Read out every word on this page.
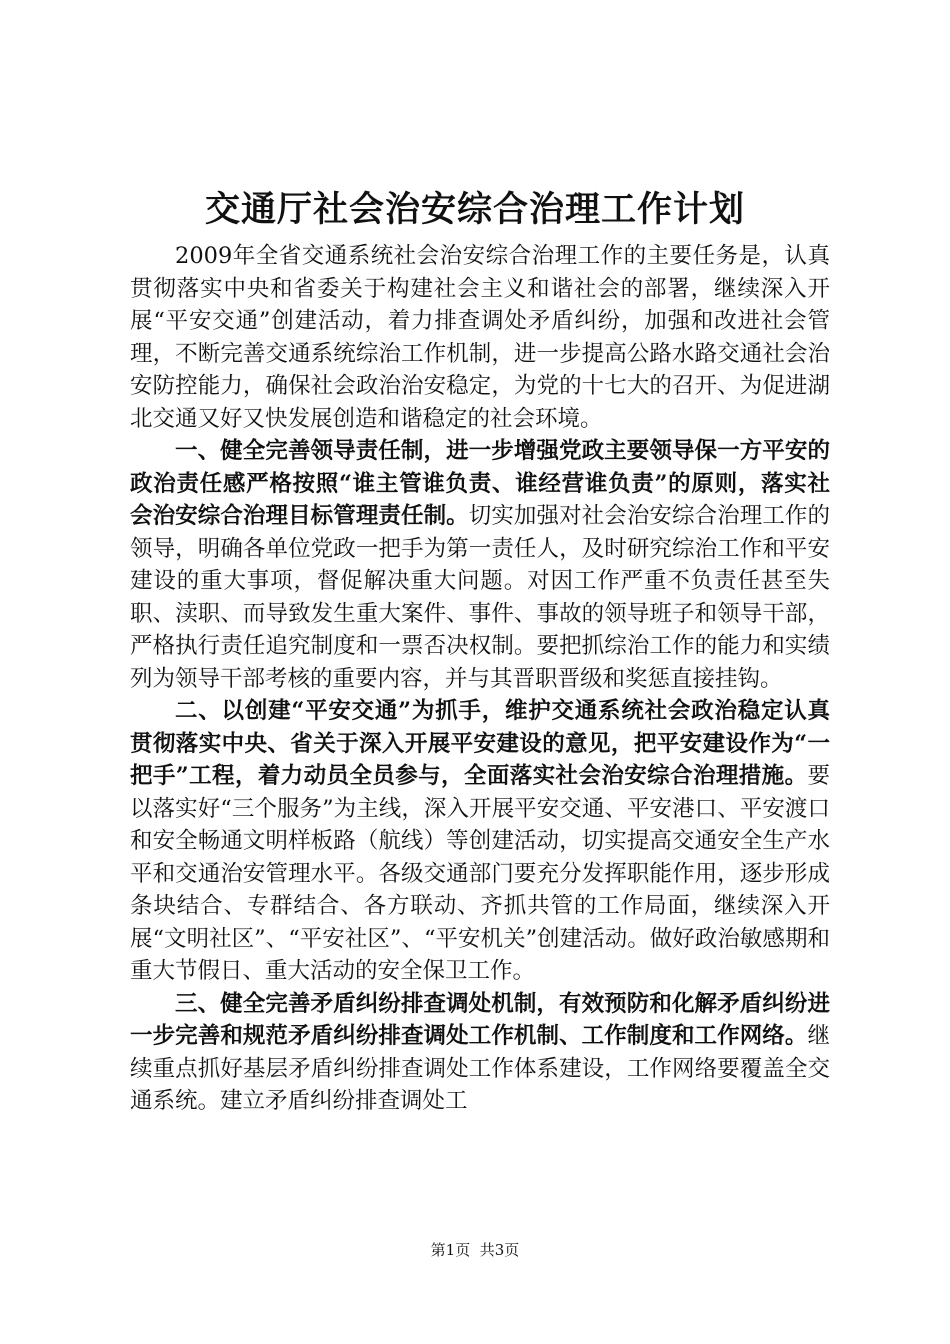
交通厅社会治安综合治理工作计划

2009年全省交通系统社会治安综合治理工作的主要任务是，认真贯彻落实中央和省委关于构建社会主义和谐社会的部署，继续深入开展“平安交通”创建活动，着力排查调处矛盾纠纷，加强和改进社会管理，不断完善交通系统综治工作机制，进一步提高公路水路交通社会治安防控能力，确保社会政治治安稳定，为党的十七大的召开、为促进湖北交通又好又快发展创造和谐稳定的社会环境。

一、健全完善领导责任制，进一步增强党政主要领导保一方平安的政治责任感严格按照“谁主管谁负责、谁经营谁负责”的原则，落实社会治安综合治理目标管理责任制。切实加强对社会治安综合治理工作的领导，明确各单位党政一把手为第一责任人，及时研究综治工作和平安建设的重大事项，督促解决重大问题。对因工作严重不负责任甚至失职、渎职、而导致发生重大案件、事件、事故的领导班子和领导干部，严格执行责任追究制度和一票否决权制。要把抓综治工作的能力和实绩列为领导干部考核的重要内容，并与其晋职晋级和奖惩直接挂钩。

二、以创建“平安交通”为抓手，维护交通系统社会政治稳定认真贯彻落实中央、省关于深入开展平安建设的意见，把平安建设作为“一把手”工程，着力动员全员参与，全面落实社会治安综合治理措施。要以落实好“三个服务”为主线，深入开展平安交通、平安港口、平安渡口和安全畅通文明样板路（航线）等创建活动，切实提高交通安全生产水平和交通治安管理水平。各级交通部门要充分发挥职能作用，逐步形成条块结合、专群结合、各方联动、齐抓共管的工作局面，继续深入开展“文明社区”、“平安社区”、“平安机关”创建活动。做好政治敏感期和重大节假日、重大活动的安全保卫工作。

三、健全完善矛盾纠纷排查调处机制，有效预防和化解矛盾纠纷进一步完善和规范矛盾纠纷排查调处工作机制、工作制度和工作网络。继续重点抓好基层矛盾纠纷排查调处工作体系建设，工作网络要覆盖全交通系统。建立矛盾纠纷排查调处工

第1页 共3页
